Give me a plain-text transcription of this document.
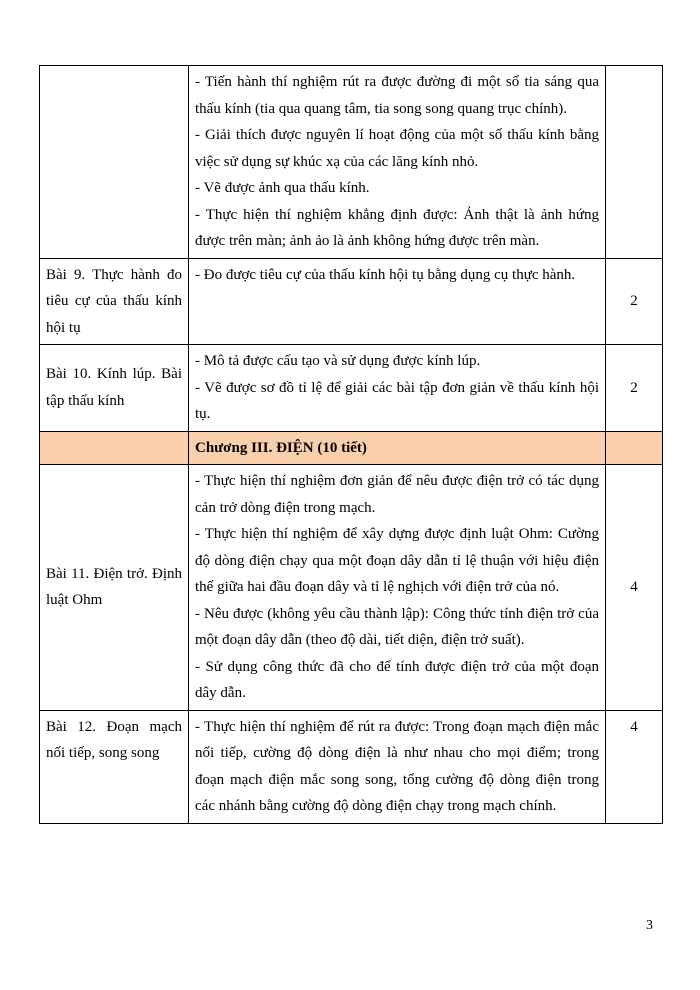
	- Tiến hành thí nghiệm rút ra được đường đi một số tia sáng qua thấu kính (tia qua quang tâm, tia song song quang trục chính).
- Giải thích được nguyên lí hoạt động của một số thấu kính bằng việc sử dụng sự khúc xạ của các lăng kính nhỏ.
- Vẽ được ảnh qua thấu kính.
- Thực hiện thí nghiệm khẳng định được: Ảnh thật là ảnh hứng được trên màn; ảnh ảo là ảnh không hứng được trên màn.	

Bài 9. Thực hành đo tiêu cự của thấu kính hội tụ	- Đo được tiêu cự của thấu kính hội tụ bằng dụng cụ thực hành.	2
Bài 10. Kính lúp. Bài tập thấu kính	- Mô tả được cấu tạo và sử dụng được kính lúp.
- Vẽ được sơ đồ tỉ lệ để giải các bài tập đơn giản về thấu kính hội tụ.	2
	Chương III. ĐIỆN (10 tiết)	
Bài 11. Điện trở. Định luật Ohm	- Thực hiện thí nghiệm đơn giản để nêu được điện trở có tác dụng cản trở dòng điện trong mạch.
- Thực hiện thí nghiệm để xây dựng được định luật Ohm: Cường độ dòng điện chạy qua một đoạn dây dẫn tỉ lệ thuận với hiệu điện thế giữa hai đầu đoạn dây và tỉ lệ nghịch với điện trở của nó.
- Nêu được (không yêu cầu thành lập): Công thức tính điện trở của một đoạn dây dẫn (theo độ dài, tiết diện, điện trở suất).
- Sử dụng công thức đã cho để tính được điện trở của một đoạn dây dẫn.	4
Bài 12. Đoạn mạch nối tiếp, song song	- Thực hiện thí nghiệm để rút ra được: Trong đoạn mạch điện mắc nối tiếp, cường độ dòng điện là như nhau cho mọi điểm; trong đoạn mạch điện mắc song song, tổng cường độ dòng điện trong các nhánh bằng cường độ dòng điện chạy trong mạch chính.	4
3
